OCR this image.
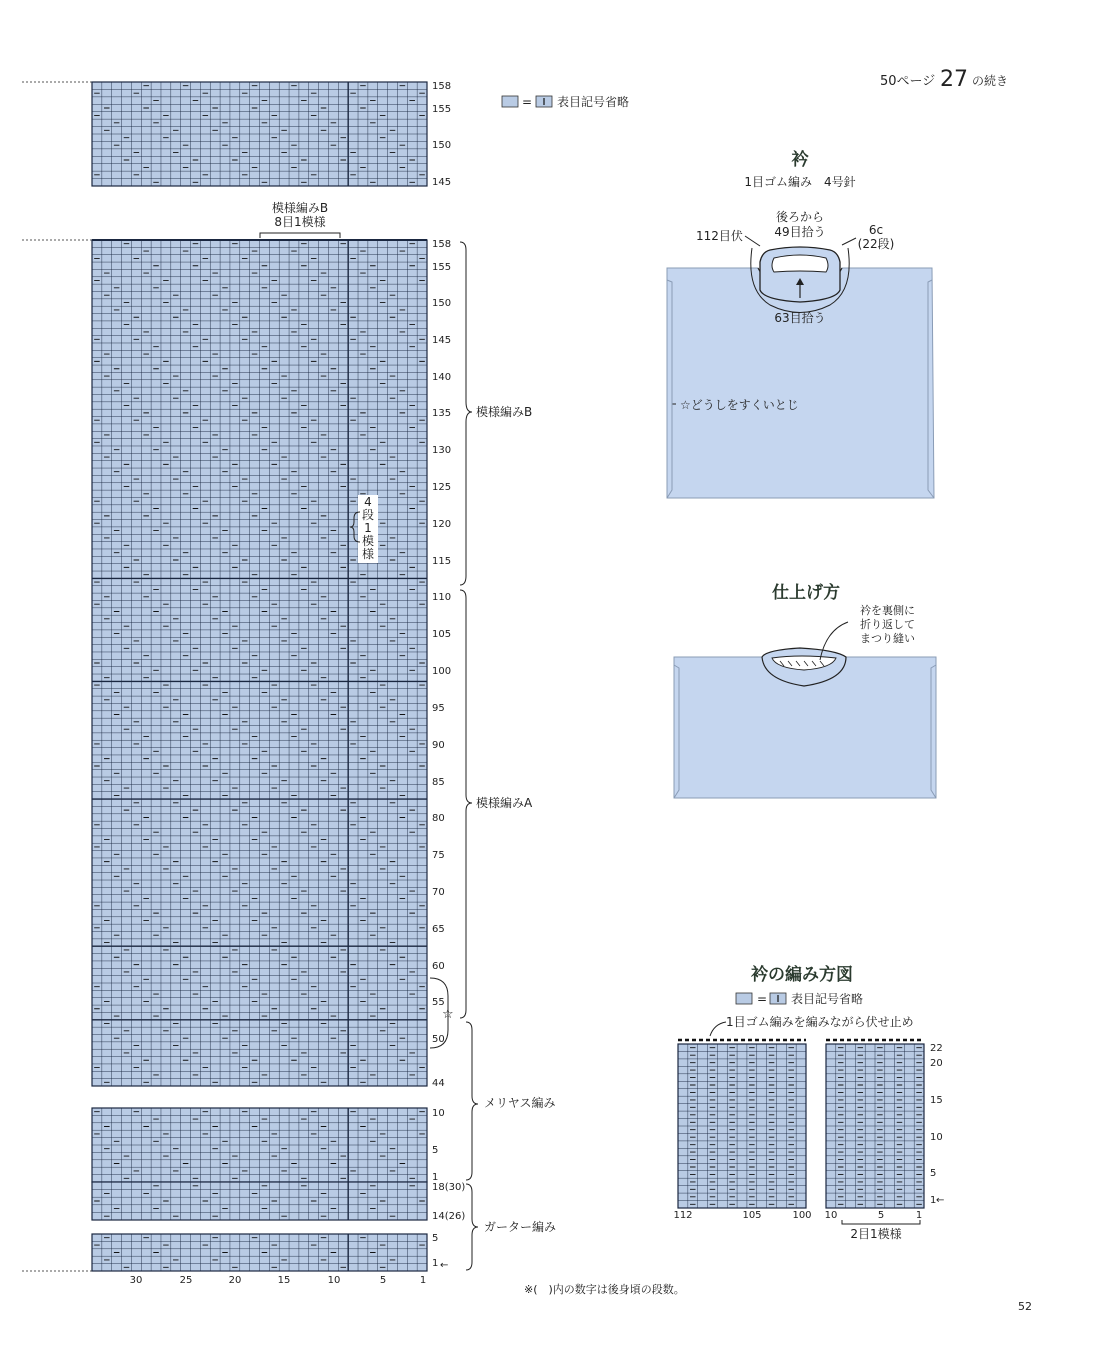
50ページ 27 の続き
= 表目記号省略
158
155
150
145
158
155
150
145
140
135
130
125
120
115
110
105
100
95
90
85
80
75
70
65
60
55
50
44
10
5
1
18(30)
14(26)
5
1 ←
30	25	20	15	10	5	1
模様編みB
8目1模様
4
段
1
模
様
模様編みB
模様編みA
メリヤス編み
ガーター編み
☆
衿
1目ゴム編み　4号針
112目伏
後ろから
49目拾う	6c
(22段)
63目拾う
☆どうしをすくいとじ
仕上げ方
衿を裏側に
折り返して
まつり縫い
衿の編み方図
= 表目記号省略
1目ゴム編みを編みながら伏せ止め
22
20
15
10
5
1 ←
112	105	100 10	5	1
2目1模様
※(　)内の数字は後身頃の段数。
52
